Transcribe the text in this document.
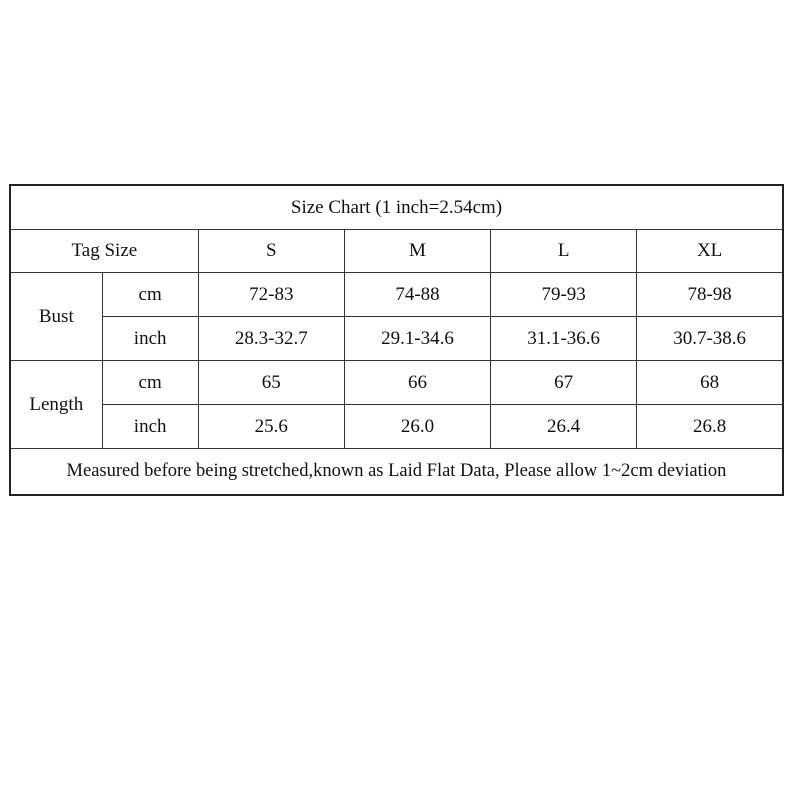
Size Chart (1 inch=2.54cm)					
Tag Size		S	M	L	XL
Bust	cm	72-83	74-88	79-93	78-98
	inch	28.3-32.7	29.1-34.6	31.1-36.6	30.7-38.6
Length	cm	65	66	67	68
	inch	25.6	26.0	26.4	26.8
Measured before being stretched,known as Laid Flat Data, Please allow 1~2cm deviation					
